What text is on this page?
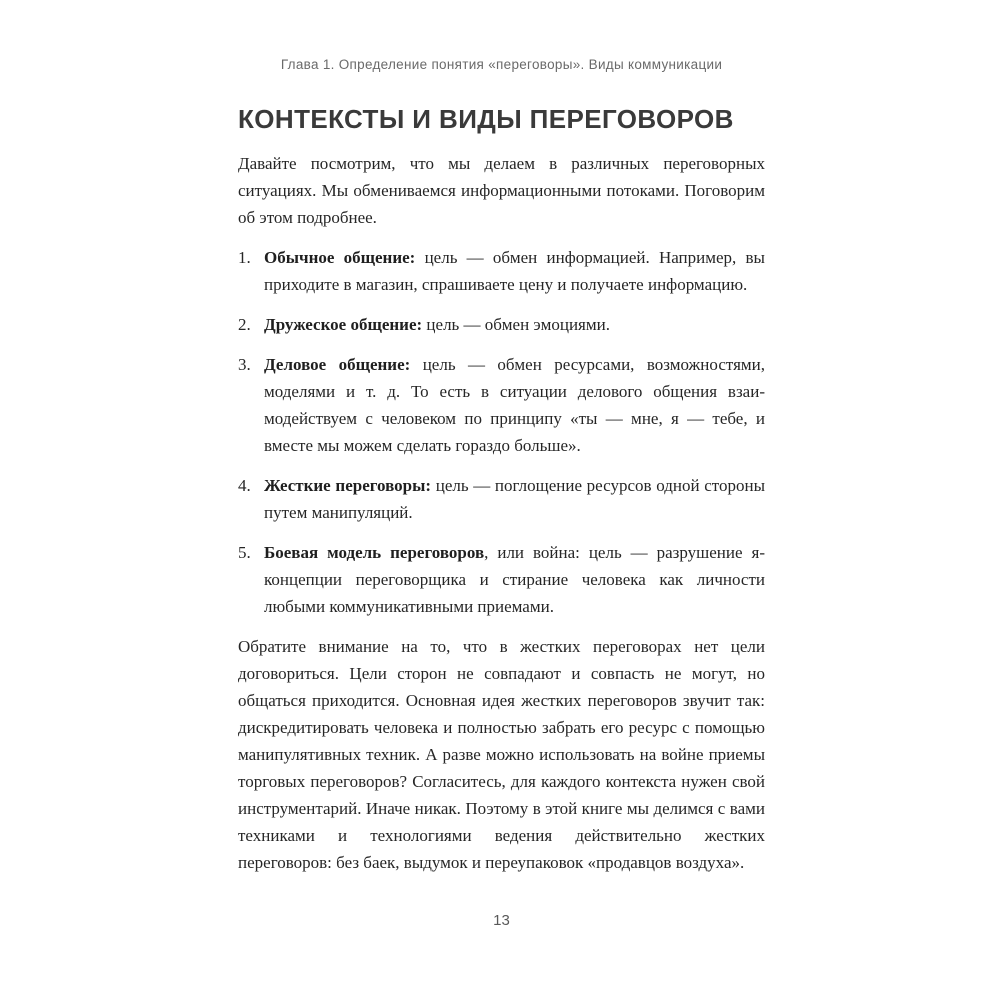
Глава 1. Определение понятия «переговоры». Виды коммуникации
КОНТЕКСТЫ И ВИДЫ ПЕРЕГОВОРОВ

Давайте посмотрим, что мы делаем в различных переговорных ситуациях. Мы обмениваемся информационными потоками. Поговорим об этом подробнее.

1. Обычное общение: цель — обмен информацией. Например, вы приходите в магазин, спрашиваете цену и получаете информацию.
2. Дружеское общение: цель — обмен эмоциями.
3. Деловое общение: цель — обмен ресурсами, возможностями, моделями и т. д. То есть в ситуации делового общения взаимодействуем с человеком по принципу «ты — мне, я — тебе, и вместе мы можем сделать гораздо больше».
4. Жесткие переговоры: цель — поглощение ресурсов одной стороны путем манипуляций.
5. Боевая модель переговоров, или война: цель — разрушение я-концепции переговорщика и стирание человека как личности любыми коммуникативными приемами.

Обратите внимание на то, что в жестких переговорах нет цели договориться. Цели сторон не совпадают и совпасть не могут, но общаться приходится. Основная идея жестких переговоров звучит так: дискредитировать человека и полностью забрать его ресурс с помощью манипулятивных техник. А разве можно использовать на войне приемы торговых переговоров? Согласитесь, для каждого контекста нужен свой инструментарий. Иначе никак. Поэтому в этой книге мы делимся с вами техниками и технологиями ведения действительно жестких переговоров: без баек, выдумок и переупаковок «продавцов воздуха».

13
